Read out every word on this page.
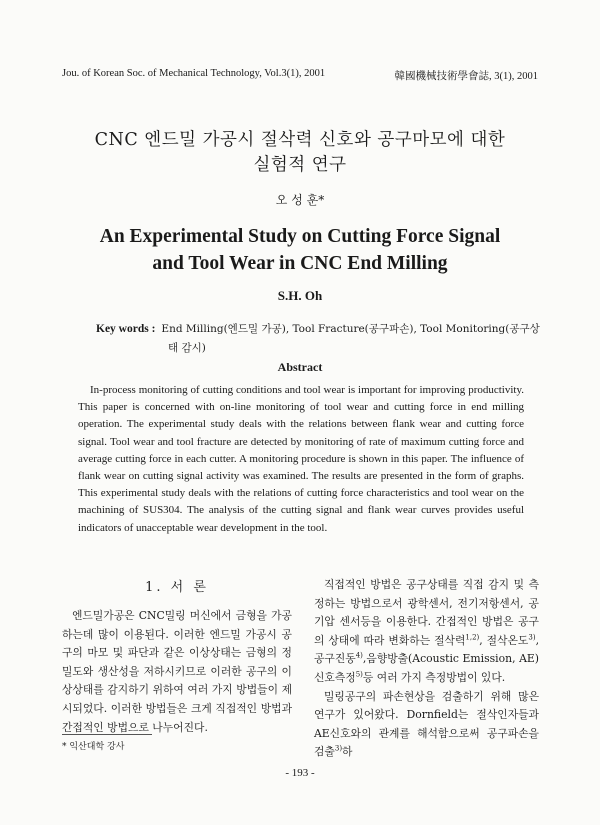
Jou. of Korean Soc. of Mechanical Technology, Vol.3(1), 2001	韓國機械技術學會誌, 3(1), 2001
CNC 엔드밀 가공시 절삭력 신호와 공구마모에 대한
실험적 연구
오 성 훈*
An Experimental Study on Cutting Force Signal
and Tool Wear in CNC End Milling
S.H. Oh
Key words : End Milling(엔드밀 가공), Tool Fracture(공구파손), Tool Monitoring(공구상
태 감시)
Abstract
In-process monitoring of cutting conditions and tool wear is important for improving productivity. This paper is concerned with on-line monitoring of tool wear and cutting force in end milling operation. The experimental study deals with the relations between flank wear and cutting force signal. Tool wear and tool fracture are detected by monitoring of rate of maximum cutting force and average cutting force in each cutter. A monitoring procedure is shown in this paper. The influence of flank wear on cutting signal activity was examined. The results are presented in the form of graphs. This experimental study deals with the relations of cutting force characteristics and tool wear on the machining of SUS304. The analysis of the cutting signal and flank wear curves provides useful indicators of unacceptable wear development in the tool.
1. 서 론
엔드밀가공은 CNC밀링 머신에서 금형을 가공하는데 많이 이용된다. 이러한 엔드밀 가공시 공구의 마모 및 파단과 같은 이상상태는 금형의 정밀도와 생산성을 저하시키므로 이러한 공구의 이상상태를 감지하기 위하여 여러 가지 방법들이 제시되었다. 이러한 방법들은 크게 직접적인 방법과 간접적인 방법으로 나누어진다.

직접적인 방법은 공구상태를 직접 감지 및 측정하는 방법으로서 광학센서, 전기저항센서, 공기압 센서등을 이용한다. 간접적인 방법은 공구의 상태에 따라 변화하는 절삭력$^{1,2)}$, 절삭온도$^{3)}$, 공구진동$^{4)}$,음향방출(Acoustic Emission, AE)신호측정$^{5)}$등 여러 가지 측정방법이 있다.

밀링공구의 파손현상을 검출하기 위해 많은 연구가 있어왔다. Dornfield는 절삭인자들과 AE신호와의 관계를 해석함으로써 공구파손을 검출$^{3)}$하

* 익산대학 강사
- 193 -
